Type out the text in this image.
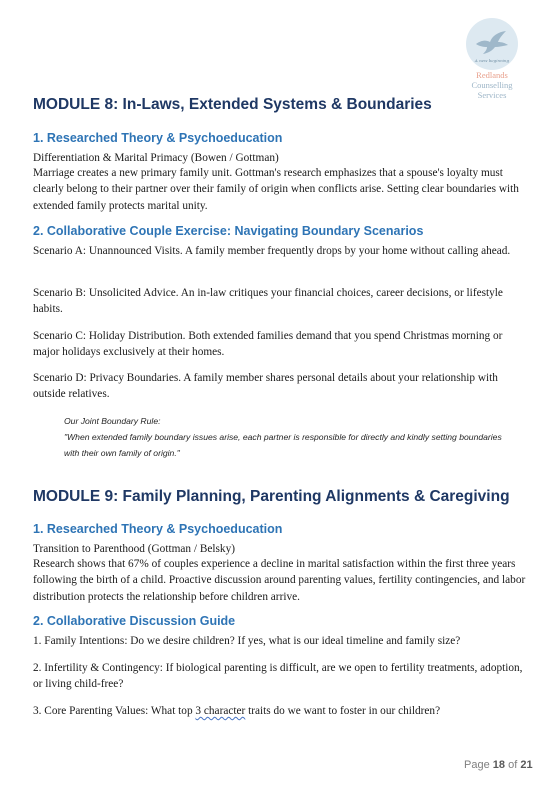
A new beginning
Redlands
Counselling
Services
MODULE 8: In-Laws, Extended Systems & Boundaries
1. Researched Theory & Psychoeducation

Differentiation & Marital Primacy (Bowen / Gottman)

Marriage creates a new primary family unit. Gottman's research emphasizes that a spouse's loyalty must clearly belong to their partner over their family of origin when conflicts arise. Setting clear boundaries with extended family protects marital unity.

2. Collaborative Couple Exercise: Navigating Boundary Scenarios

Scenario A: Unannounced Visits. A family member frequently drops by your home without calling ahead.

Scenario B: Unsolicited Advice. An in-law critiques your financial choices, career decisions, or lifestyle habits.

Scenario C: Holiday Distribution. Both extended families demand that you spend Christmas morning or major holidays exclusively at their homes.

Scenario D: Privacy Boundaries. A family member shares personal details about your relationship with outside relatives.

Our Joint Boundary Rule:
"When extended family boundary issues arise, each partner is responsible for directly and kindly setting boundaries with their own family of origin."
MODULE 9: Family Planning, Parenting Alignments & Caregiving
1. Researched Theory & Psychoeducation

Transition to Parenthood (Gottman / Belsky)

Research shows that 67% of couples experience a decline in marital satisfaction within the first three years following the birth of a child. Proactive discussion around parenting values, fertility contingencies, and labor distribution protects the relationship before children arrive.

2. Collaborative Discussion Guide

1. Family Intentions: Do we desire children? If yes, what is our ideal timeline and family size?

2. Infertility & Contingency: If biological parenting is difficult, are we open to fertility treatments, adoption, or living child-free?

3. Core Parenting Values: What top 3 character traits do we want to foster in our children?

Page 18 of 21
